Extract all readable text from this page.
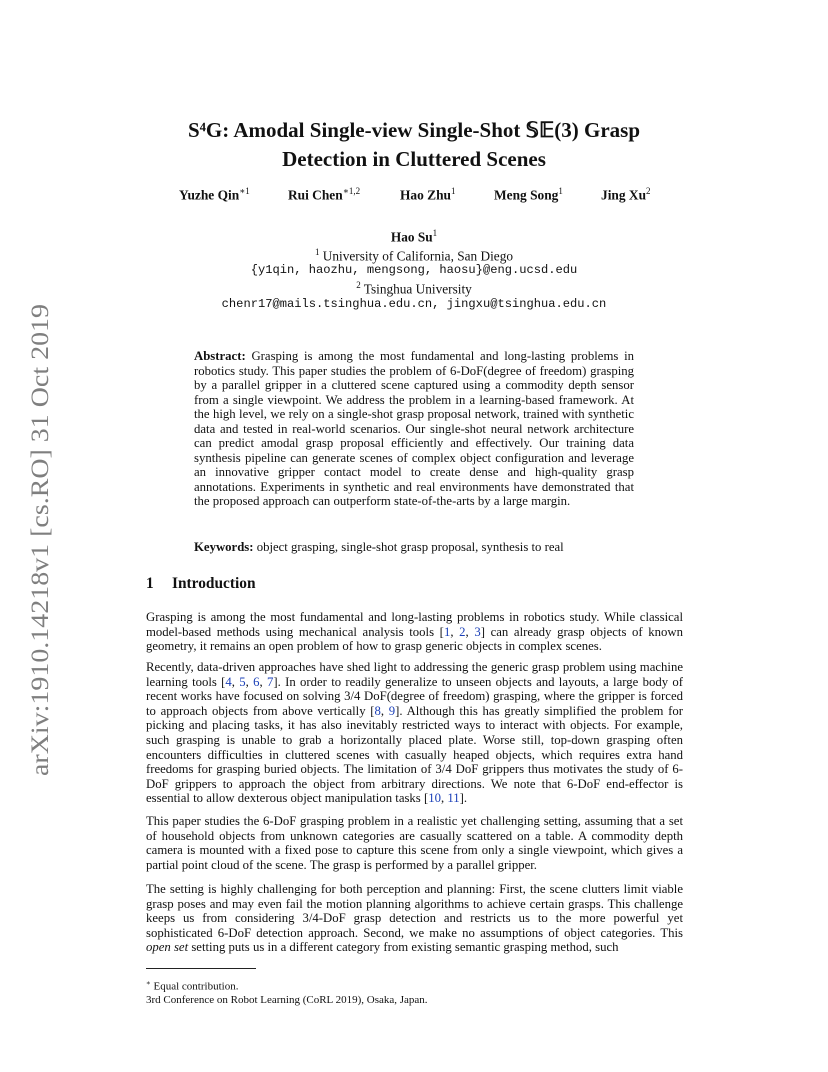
arXiv:1910.14218v1 [cs.RO] 31 Oct 2019
S⁴G: Amodal Single-view Single-Shot 𝕊𝔼(3) Grasp
Detection in Cluttered Scenes
Yuzhe Qin$^{∗1}$	Rui Chen$^{∗1,2}$	Hao Zhu$^1$	Meng Song$^1$	Jing Xu$^2$
Hao Su$^1$
$^1$ University of California, San Diego
{y1qin, haozhu, mengsong, haosu}@eng.ucsd.edu
$^2$ Tsinghua University
chenr17@mails.tsinghua.edu.cn, jingxu@tsinghua.edu.cn
Abstract: Grasping is among the most fundamental and long-lasting problems in robotics study. This paper studies the problem of 6-DoF(degree of freedom) grasping by a parallel gripper in a cluttered scene captured using a commodity depth sensor from a single viewpoint. We address the problem in a learning-based framework. At the high level, we rely on a single-shot grasp proposal network, trained with synthetic data and tested in real-world scenarios. Our single-shot neural network architecture can predict amodal grasp proposal efficiently and effectively. Our training data synthesis pipeline can generate scenes of complex object configuration and leverage an innovative gripper contact model to create dense and high-quality grasp annotations. Experiments in synthetic and real environments have demonstrated that the proposed approach can outperform state-of-the-arts by a large margin.
Keywords: object grasping, single-shot grasp proposal, synthesis to real
1 Introduction
Grasping is among the most fundamental and long-lasting problems in robotics study. While classical model-based methods using mechanical analysis tools [1, 2, 3] can already grasp objects of known geometry, it remains an open problem of how to grasp generic objects in complex scenes.
Recently, data-driven approaches have shed light to addressing the generic grasp problem using machine learning tools [4, 5, 6, 7]. In order to readily generalize to unseen objects and layouts, a large body of recent works have focused on solving 3/4 DoF(degree of freedom) grasping, where the gripper is forced to approach objects from above vertically [8, 9]. Although this has greatly simplified the problem for picking and placing tasks, it has also inevitably restricted ways to interact with objects. For example, such grasping is unable to grab a horizontally placed plate. Worse still, top-down grasping often encounters difficulties in cluttered scenes with casually heaped objects, which requires extra hand freedoms for grasping buried objects. The limitation of 3/4 DoF grippers thus motivates the study of 6-DoF grippers to approach the object from arbitrary directions. We note that 6-DoF end-effector is essential to allow dexterous object manipulation tasks [10, 11].
This paper studies the 6-DoF grasping problem in a realistic yet challenging setting, assuming that a set of household objects from unknown categories are casually scattered on a table. A commodity depth camera is mounted with a fixed pose to capture this scene from only a single viewpoint, which gives a partial point cloud of the scene. The grasp is performed by a parallel gripper.
The setting is highly challenging for both perception and planning: First, the scene clutters limit viable grasp poses and may even fail the motion planning algorithms to achieve certain grasps. This challenge keeps us from considering 3/4-DoF grasp detection and restricts us to the more powerful yet sophisticated 6-DoF detection approach. Second, we make no assumptions of object categories. This open set setting puts us in a different category from existing semantic grasping method, such
∗ Equal contribution.
3rd Conference on Robot Learning (CoRL 2019), Osaka, Japan.
